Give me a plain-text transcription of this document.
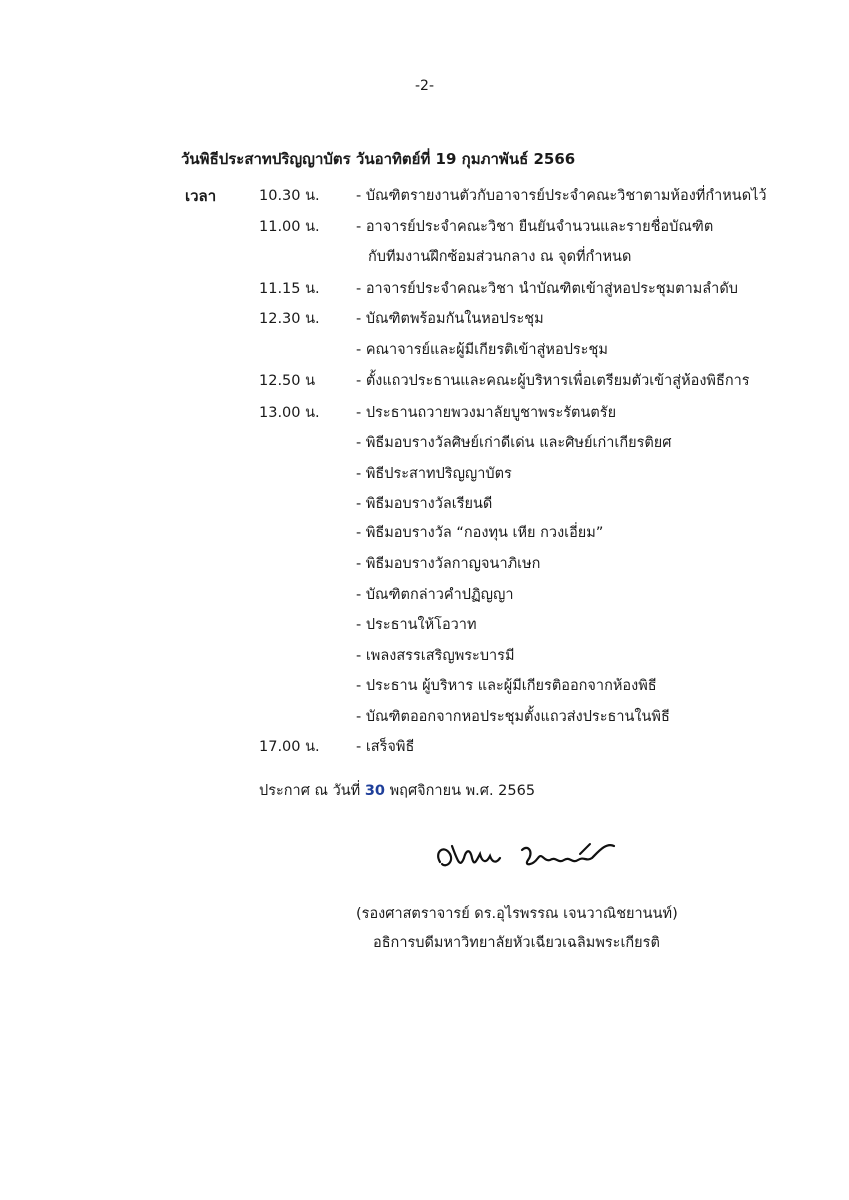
-2-
วันพิธีประสาทปริญญาบัตร วันอาทิตย์ที่ 19 กุมภาพันธ์ 2566
เวลา	10.30 น.	- บัณฑิตรายงานตัวกับอาจารย์ประจำคณะวิชาตามห้องที่กำหนดไว้
11.00 น.	- อาจารย์ประจำคณะวิชา ยืนยันจำนวนและรายชื่อบัณฑิต
กับทีมงานฝึกซ้อมส่วนกลาง ณ จุดที่กำหนด
11.15 น.	- อาจารย์ประจำคณะวิชา นำบัณฑิตเข้าสู่หอประชุมตามลำดับ
12.30 น.	- บัณฑิตพร้อมกันในหอประชุม
- คณาจารย์และผู้มีเกียรติเข้าสู่หอประชุม
12.50 น	- ตั้งแถวประธานและคณะผู้บริหารเพื่อเตรียมตัวเข้าสู่ห้องพิธีการ
13.00 น.	- ประธานถวายพวงมาลัยบูชาพระรัตนตรัย
- พิธีมอบรางวัลศิษย์เก่าดีเด่น และศิษย์เก่าเกียรติยศ
- พิธีประสาทปริญญาบัตร
- พิธีมอบรางวัลเรียนดี
- พิธีมอบรางวัล “กองทุน เหีย กวงเอี่ยม”
- พิธีมอบรางวัลกาญจนาภิเษก
- บัณฑิตกล่าวคำปฏิญญา
- ประธานให้โอวาท
- เพลงสรรเสริญพระบารมี
- ประธาน ผู้บริหาร และผู้มีเกียรติออกจากห้องพิธี
- บัณฑิตออกจากหอประชุมตั้งแถวส่งประธานในพิธี
17.00 น.	- เสร็จพิธี
ประกาศ ณ วันที่ 30 พฤศจิกายน พ.ศ. 2565
(รองศาสตราจารย์ ดร.อุไรพรรณ เจนวาณิชยานนท์)
อธิการบดีมหาวิทยาลัยหัวเฉียวเฉลิมพระเกียรติ
